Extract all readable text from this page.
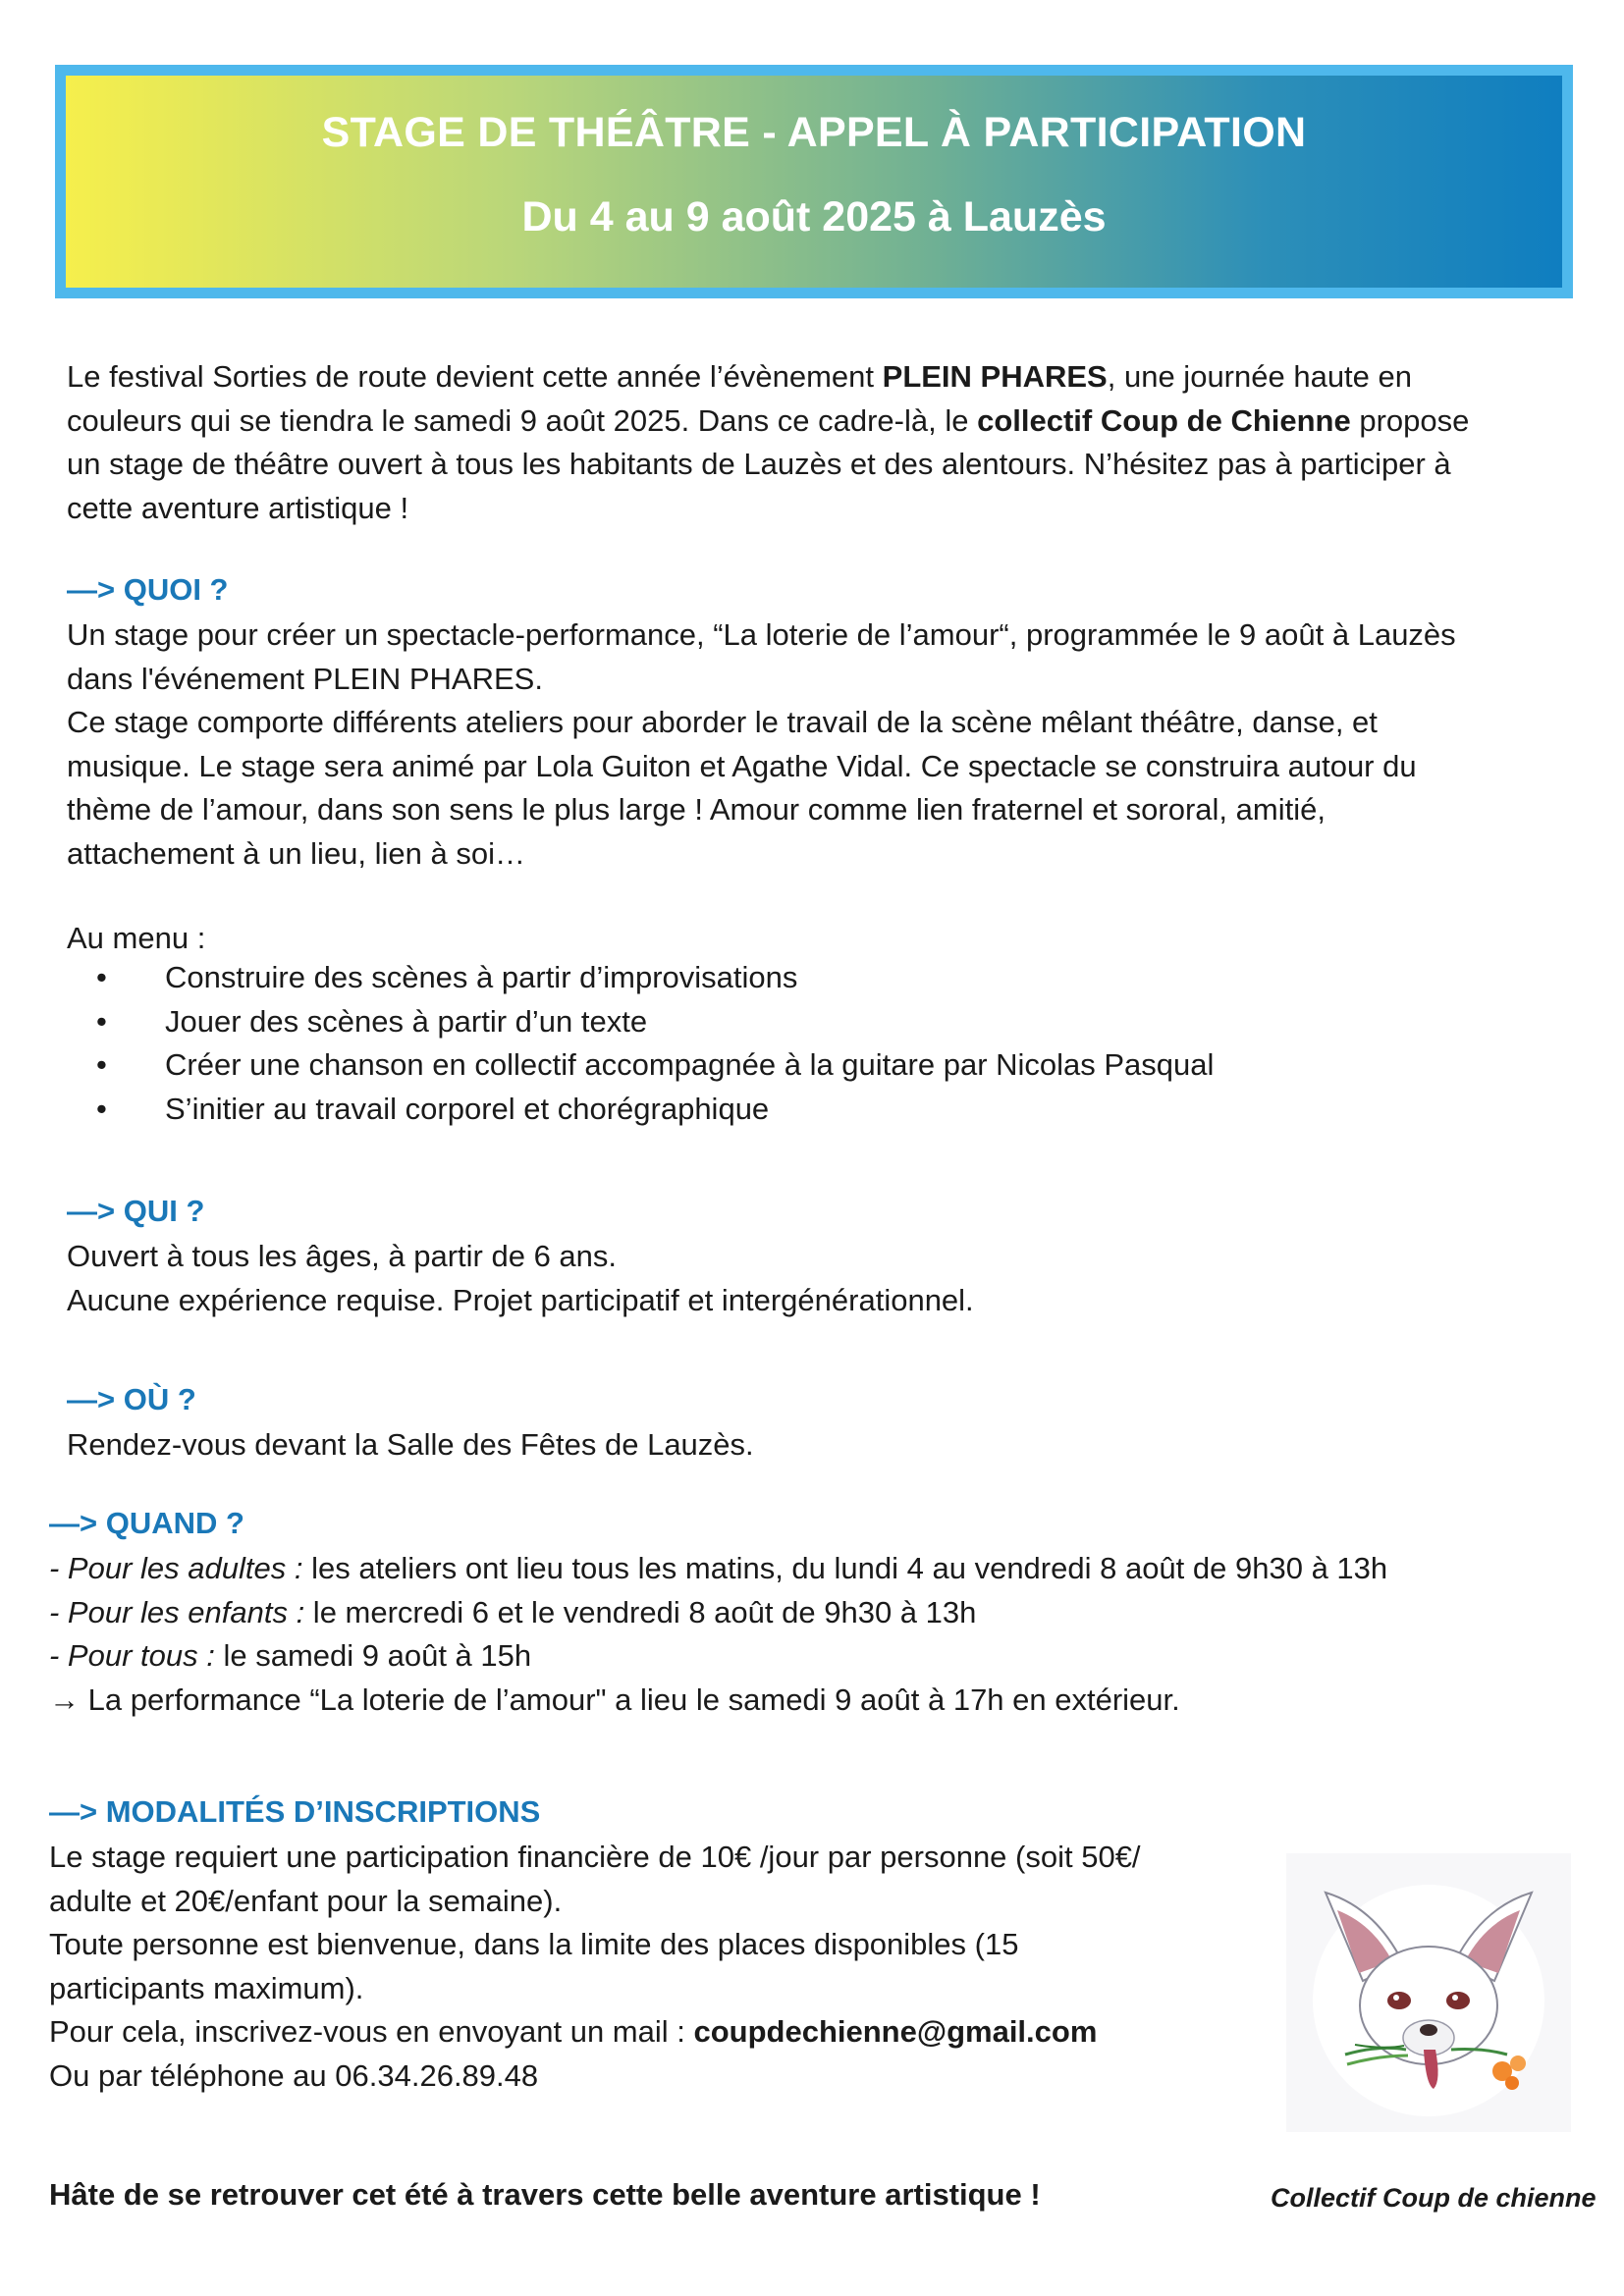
STAGE DE THÉÂTRE - APPEL À PARTICIPATION
Du 4 au 9 août 2025 à Lauzès
Le festival Sorties de route devient cette année l’évènement PLEIN PHARES, une journée haute en
couleurs qui se tiendra le samedi 9 août 2025. Dans ce cadre-là, le collectif Coup de Chienne propose
un stage de théâtre ouvert à tous les habitants de Lauzès et des alentours. N’hésitez pas à participer à
cette aventure artistique !
—> QUOI ?
Un stage pour créer un spectacle-performance, “La loterie de l’amour“, programmée le 9 août à Lauzès
dans l'événement PLEIN PHARES.
Ce stage comporte différents ateliers pour aborder le travail de la scène mêlant théâtre, danse, et
musique. Le stage sera animé par Lola Guiton et Agathe Vidal. Ce spectacle se construira autour du
thème de l’amour, dans son sens le plus large ! Amour comme lien fraternel et sororal, amitié,
attachement à un lieu, lien à soi…
Au menu :
• Construire des scènes à partir d’improvisations
• Jouer des scènes à partir d’un texte
• Créer une chanson en collectif accompagnée à la guitare par Nicolas Pasqual
• S’initier au travail corporel et chorégraphique
—> QUI ?
Ouvert à tous les âges, à partir de 6 ans.
Aucune expérience requise. Projet participatif et intergénérationnel.
—> OÙ ?
Rendez-vous devant la Salle des Fêtes de Lauzès.
—> QUAND ?
- Pour les adultes : les ateliers ont lieu tous les matins, du lundi 4 au vendredi 8 août de 9h30 à 13h
- Pour les enfants : le mercredi 6 et le vendredi 8 août de 9h30 à 13h
- Pour tous : le samedi 9 août à 15h
→ La performance “La loterie de l’amour" a lieu le samedi 9 août à 17h en extérieur.
—> MODALITÉS D’INSCRIPTIONS
Le stage requiert une participation financière de 10€ /jour par personne (soit 50€/
adulte et 20€/enfant pour la semaine).
Toute personne est bienvenue, dans la limite des places disponibles (15
participants maximum).
Pour cela, inscrivez-vous en envoyant un mail : coupdechienne@gmail.com
Ou par téléphone au 06.34.26.89.48
Hâte de se retrouver cet été à travers cette belle aventure artistique !	Collectif Coup de chienne
